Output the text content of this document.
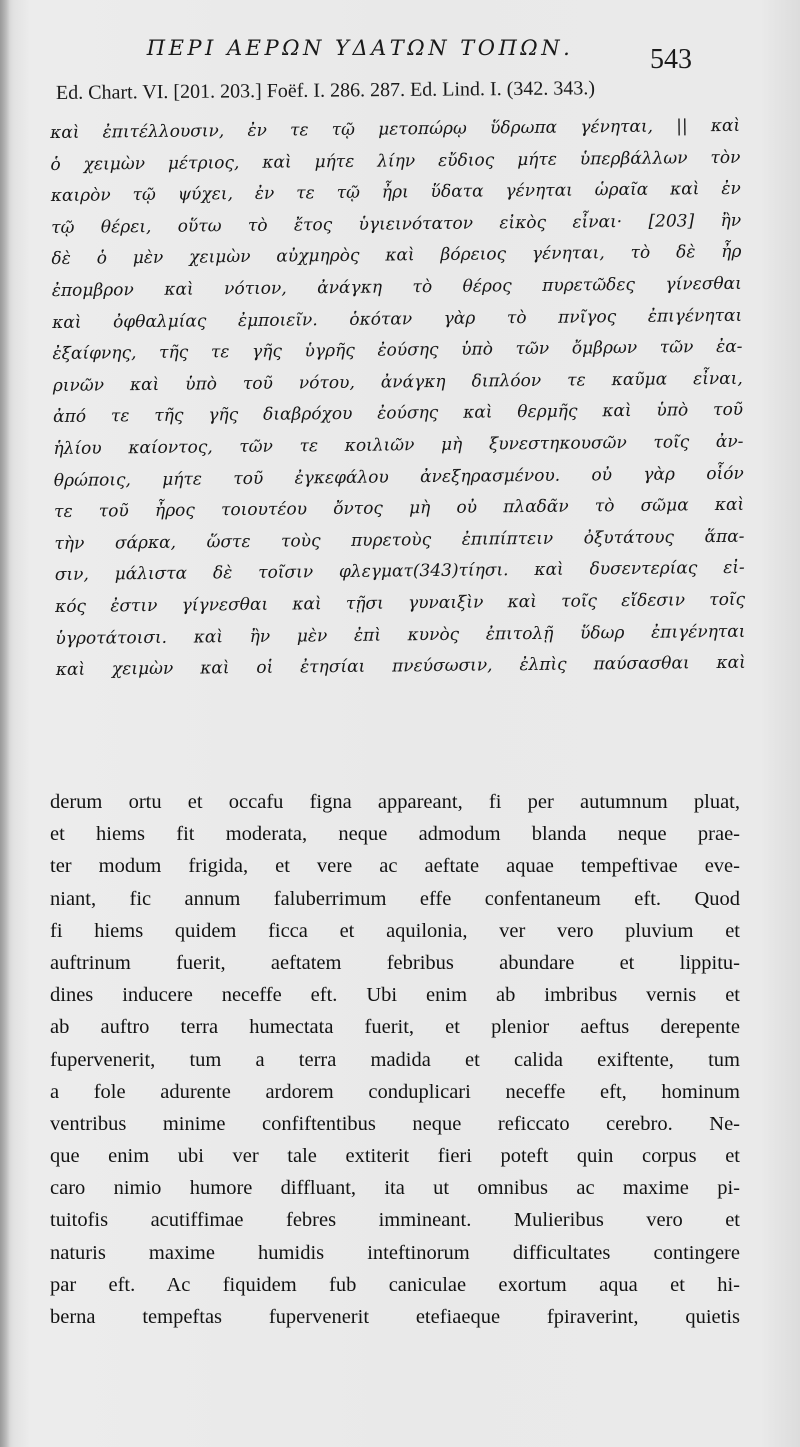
ΠΕΡΙ ΑΕΡΩΝ ΥΔΑΤΩΝ ΤΟΠΩΝ.	543
Ed. Chart. VI. [201. 203.] Foëf. I. 286. 287. Ed. Lind. I. (342. 343.)
καὶ ἐπιτέλλουσιν, ἐν τε τῷ μετοπώρῳ ὕδρωπα γένηται, || καὶ
ὁ χειμὼν μέτριος, καὶ μήτε λίην εὔδιος μήτε ὑπερβάλλων τὸν
καιρὸν τῷ ψύχει, ἐν τε τῷ ἦρι ὕδατα γένηται ὡραῖα καὶ ἐν
τῷ θέρει, οὕτω τὸ ἔτος ὑγιεινότατον εἰκὸς εἶναι· [203] ἢν
δὲ ὁ μὲν χειμὼν αὐχμηρὸς καὶ βόρειος γένηται, τὸ δὲ ἦρ
ἐπομβρον καὶ νότιον, ἀνάγκη τὸ θέρος πυρετῶδες γίνεσθαι
καὶ ὀφθαλμίας ἐμποιεῖν. ὁκόταν γὰρ τὸ πνῖγος ἐπιγένηται
ἐξαίφνης, τῆς τε γῆς ὑγρῆς ἐούσης ὑπὸ τῶν ὄμβρων τῶν ἐα-
ρινῶν καὶ ὑπὸ τοῦ νότου, ἀνάγκη διπλόον τε καῦμα εἶναι,
ἀπό τε τῆς γῆς διαβρόχου ἐούσης καὶ θερμῆς καὶ ὑπὸ τοῦ
ἡλίου καίοντος, τῶν τε κοιλιῶν μὴ ξυνεστηκουσῶν τοῖς ἀν-
θρώποις, μήτε τοῦ ἐγκεφάλου ἀνεξηρασμένου. οὐ γὰρ οἷόν
τε τοῦ ἦρος τοιουτέου ὄντος μὴ οὐ πλαδᾶν τὸ σῶμα καὶ
τὴν σάρκα, ὥστε τοὺς πυρετοὺς ἐπιπίπτειν ὀξυτάτους ἅπα-
σιν, μάλιστα δὲ τοῖσιν φλεγματ(343)τίησι. καὶ δυσεντερίας εἰ-
κός ἐστιν γίγνεσθαι καὶ τῇσι γυναιξὶν καὶ τοῖς εἴδεσιν τοῖς
ὑγροτάτοισι. καὶ ἢν μὲν ἐπὶ κυνὸς ἐπιτολῇ ὕδωρ ἐπιγένηται
καὶ χειμὼν καὶ οἱ ἐτησίαι πνεύσωσιν, ἐλπὶς παύσασθαι καὶ
derum ortu et occafu figna appareant, fi per autumnum pluat,
et hiems fit moderata, neque admodum blanda neque prae-
ter modum frigida, et vere ac aeftate aquae tempeftivae eve-
niant, fic annum faluberrimum effe confentaneum eft. Quod
fi hiems quidem ficca et aquilonia, ver vero pluvium et
auftrinum fuerit, aeftatem febribus abundare et lippitu-
dines inducere neceffe eft. Ubi enim ab imbribus vernis et
ab auftro terra humectata fuerit, et plenior aeftus derepente
fupervenerit, tum a terra madida et calida exiftente, tum
a fole adurente ardorem conduplicari neceffe eft, hominum
ventribus minime confiftentibus neque reficcato cerebro. Ne-
que enim ubi ver tale extiterit fieri poteft quin corpus et
caro nimio humore diffluant, ita ut omnibus ac maxime pi-
tuitofis acutiffimae febres immineant. Mulieribus vero et
naturis maxime humidis inteftinorum difficultates contingere
par eft. Ac fiquidem fub caniculae exortum aqua et hi-
berna tempeftas fupervenerit etefiaeque fpiraverint, quietis
